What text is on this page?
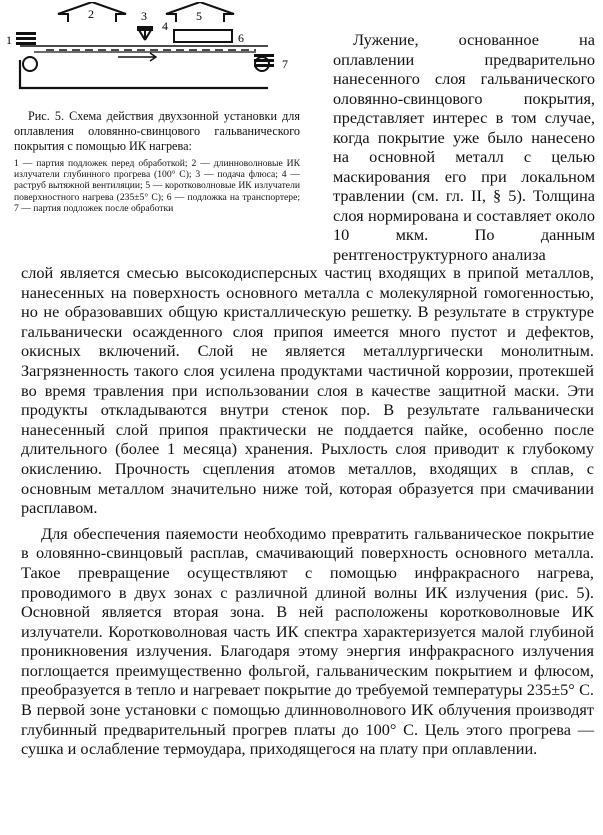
1
2	3
4
5
6
7
Рис. 5. Схема действия двухзонной установки для оплавления оловянно-свинцового гальванического покрытия с помощью ИК нагрева:
1 — партия подложек перед обработкой; 2 — длинноволновые ИК излучатели глубинного прогрева (100° С); 3 — подача флюса; 4 — раструб вытяжной вентиляции; 5 — коротковолновые ИК излучатели поверхностного нагрева (235±5° С); 6 — подложка на транспортере; 7 — партия подложек после обработки
Лужение, основанное на оплавлении предварительно нанесенного слоя гальванического оловянно-свинцового покрытия, представляет интерес в том случае, когда покрытие уже было нанесено на основной металл с целью маскирования его при локальном травлении (см. гл. II, § 5). Толщина слоя нормирована и составляет около 10 мкм. По данным рентгеноструктурного анализа
слой является смесью высокодисперсных частиц входящих в припой металлов, нанесенных на поверхность основного металла с молекулярной гомогенностью, но не образовавших общую кристаллическую решетку. В результате в структуре гальванически осажденного слоя припоя имеется много пустот и дефектов, окисных включений. Слой не является металлургически монолитным. Загрязненность такого слоя усилена продуктами частичной коррозии, протекшей во время травления при использовании слоя в качестве защитной маски. Эти продукты откладываются внутри стенок пор. В результате гальванически нанесенный слой припоя практически не поддается пайке, особенно после длительного (более 1 месяца) хранения. Рыхлость слоя приводит к глубокому окислению. Прочность сцепления атомов металлов, входящих в сплав, с основным металлом значительно ниже той, которая образуется при смачивании расплавом.
Для обеспечения паяемости необходимо превратить гальваническое покрытие в оловянно-свинцовый расплав, смачивающий поверхность основного металла. Такое превращение осуществляют с помощью инфракрасного нагрева, проводимого в двух зонах с различной длиной волны ИК излучения (рис. 5). Основной является вторая зона. В ней расположены коротковолновые ИК излучатели. Коротковолновая часть ИК спектра характеризуется малой глубиной проникновения излучения. Благодаря этому энергия инфракрасного излучения поглощается преимущественно фольгой, гальваническим покрытием и флюсом, преобразуется в тепло и нагревает покрытие до требуемой температуры 235±5° С. В первой зоне установки с помощью длинноволнового ИК облучения производят глубинный предварительный прогрев платы до 100° С. Цель этого прогрева — сушка и ослабление термоудара, приходящегося на плату при оплавлении.
